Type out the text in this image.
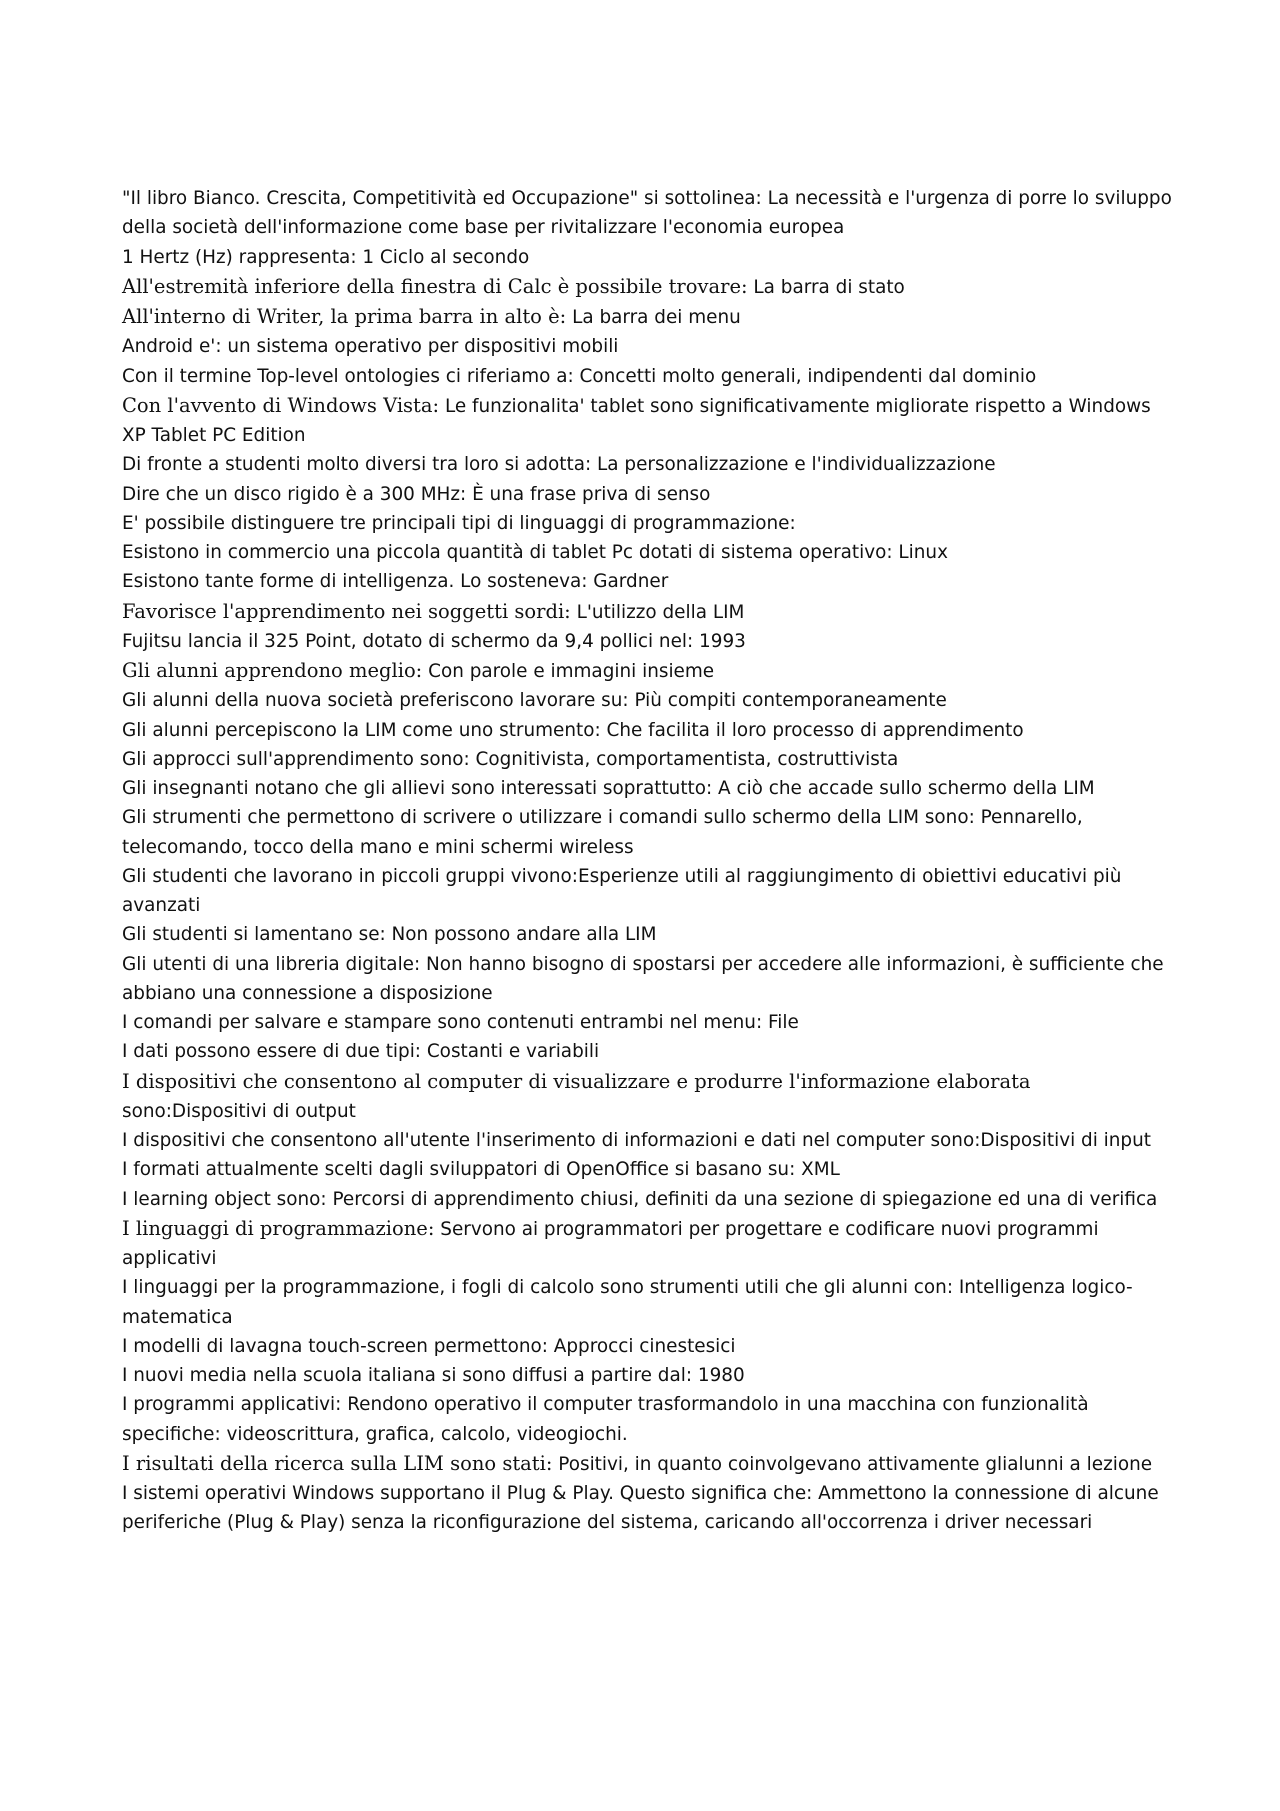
"Il libro Bianco. Crescita, Competitività ed Occupazione" si sottolinea: La necessità e l'urgenza di porre lo sviluppo della società dell'informazione come base per rivitalizzare l'economia europea

1 Hertz (Hz) rappresenta: 1 Ciclo al secondo

All'estremità inferiore della finestra di Calc è possibile trovare: La barra di stato

All'interno di Writer, la prima barra in alto è: La barra dei menu

Android e': un sistema operativo per dispositivi mobili

Con il termine Top-level ontologies ci riferiamo a: Concetti molto generali, indipendenti dal dominio

Con l'avvento di Windows Vista: Le funzionalita' tablet sono significativamente migliorate rispetto a Windows XP Tablet PC Edition

Di fronte a studenti molto diversi tra loro si adotta: La personalizzazione e l'individualizzazione

Dire che un disco rigido è a 300 MHz: È una frase priva di senso

E' possibile distinguere tre principali tipi di linguaggi di programmazione:

Esistono in commercio una piccola quantità di tablet Pc dotati di sistema operativo: Linux

Esistono tante forme di intelligenza. Lo sosteneva: Gardner

Favorisce l'apprendimento nei soggetti sordi: L'utilizzo della LIM

Fujitsu lancia il 325 Point, dotato di schermo da 9,4 pollici nel: 1993

Gli alunni apprendono meglio: Con parole e immagini insieme

Gli alunni della nuova società preferiscono lavorare su: Più compiti contemporaneamente

Gli alunni percepiscono la LIM come uno strumento: Che facilita il loro processo di apprendimento

Gli approcci sull'apprendimento sono: Cognitivista, comportamentista, costruttivista

Gli insegnanti notano che gli allievi sono interessati soprattutto: A ciò che accade sullo schermo della LIM

Gli strumenti che permettono di scrivere o utilizzare i comandi sullo schermo della LIM sono: Pennarello, telecomando, tocco della mano e mini schermi wireless

Gli studenti che lavorano in piccoli gruppi vivono:Esperienze utili al raggiungimento di obiettivi educativi più avanzati

Gli studenti si lamentano se: Non possono andare alla LIM

Gli utenti di una libreria digitale: Non hanno bisogno di spostarsi per accedere alle informazioni, è sufficiente che abbiano una connessione a disposizione

I comandi per salvare e stampare sono contenuti entrambi nel menu: File

I dati possono essere di due tipi: Costanti e variabili

I dispositivi che consentono al computer di visualizzare e produrre l'informazione elaborata sono:Dispositivi di output

I dispositivi che consentono all'utente l'inserimento di informazioni e dati nel computer sono:Dispositivi di input

I formati attualmente scelti dagli sviluppatori di OpenOffice si basano su: XML

I learning object sono: Percorsi di apprendimento chiusi, definiti da una sezione di spiegazione ed una di verifica

I linguaggi di programmazione: Servono ai programmatori per progettare e codificare nuovi programmi applicativi

I linguaggi per la programmazione, i fogli di calcolo sono strumenti utili che gli alunni con: Intelligenza logico-matematica

I modelli di lavagna touch-screen permettono: Approcci cinestesici

I nuovi media nella scuola italiana si sono diffusi a partire dal: 1980

I programmi applicativi: Rendono operativo il computer trasformandolo in una macchina con funzionalità specifiche: videoscrittura, grafica, calcolo, videogiochi.

I risultati della ricerca sulla LIM sono stati: Positivi, in quanto coinvolgevano attivamente glialunni a lezione

I sistemi operativi Windows supportano il Plug & Play. Questo significa che: Ammettono la connessione di alcune periferiche (Plug & Play) senza la riconfigurazione del sistema, caricando all'occorrenza i driver necessari
